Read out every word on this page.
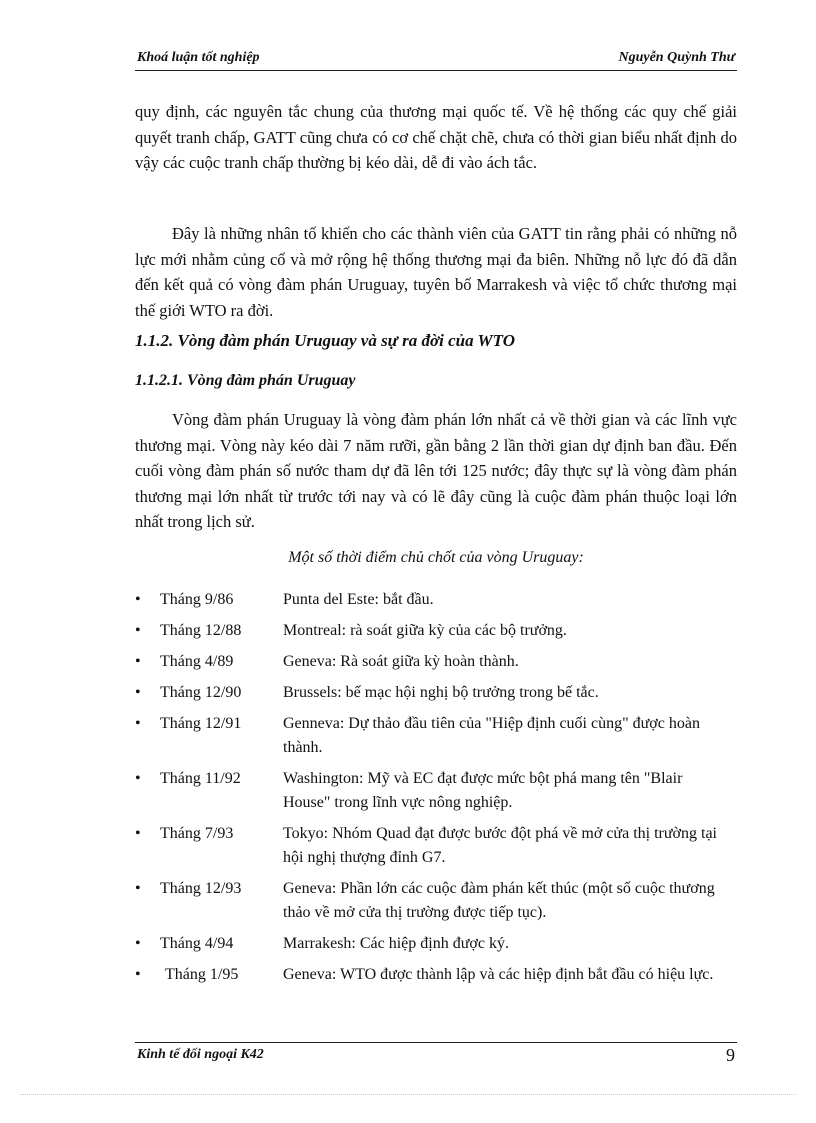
Khoá luận tốt nghiệp	Nguyễn Quỳnh Thư

quy định, các nguyên tắc chung của thương mại quốc tế. Về hệ thống các quy chế giải quyết tranh chấp, GATT cũng chưa có cơ chế chặt chẽ, chưa có thời gian biểu nhất định do vậy các cuộc tranh chấp thường bị kéo dài, dễ đi vào ách tắc.

Đây là những nhân tố khiến cho các thành viên của GATT tin rằng phải có những nỗ lực mới nhằm củng cố và mở rộng hệ thống thương mại đa biên. Những nỗ lực đó đã dẫn đến kết quả có vòng đàm phán Uruguay, tuyên bố Marrakesh và việc tổ chức thương mại thế giới WTO ra đời.

1.1.2. Vòng đàm phán Uruguay và sự ra đời của WTO
1.1.2.1. Vòng đàm phán Uruguay

Vòng đàm phán Uruguay là vòng đàm phán lớn nhất cả về thời gian và các lĩnh vực thương mại. Vòng này kéo dài 7 năm rưỡi, gần bằng 2 lần thời gian dự định ban đầu. Đến cuối vòng đàm phán số nước tham dự đã lên tới 125 nước; đây thực sự là vòng đàm phán thương mại lớn nhất từ trước tới nay và có lẽ đây cũng là cuộc đàm phán thuộc loại lớn nhất trong lịch sử.

Một số thời điểm chủ chốt của vòng Uruguay:

• Tháng 9/86	Punta del Este: bắt đầu.
• Tháng 12/88	Montreal: rà soát giữa kỳ của các bộ trưởng.
• Tháng 4/89	Geneva: Rà soát giữa kỳ hoàn thành.
• Tháng 12/90	Brussels: bế mạc hội nghị bộ trưởng trong bế tắc.
• Tháng 12/91	Genneva: Dự thảo đầu tiên của "Hiệp định cuối cùng" được hoàn thành.
• Tháng 11/92	Washington: Mỹ và EC đạt được mức bột phá mang tên "Blair House" trong lĩnh vực nông nghiệp.
• Tháng 7/93	Tokyo: Nhóm Quad đạt được bước đột phá về mở cửa thị trường tại hội nghị thượng đỉnh G7.
• Tháng 12/93	Geneva: Phần lớn các cuộc đàm phán kết thúc (một số cuộc thương thảo về mở cửa thị trường được tiếp tục).
• Tháng 4/94	Marrakesh: Các hiệp định được ký.
• Tháng 1/95	Geneva: WTO được thành lập và các hiệp định bắt đầu có hiệu lực.
Kinh tế đối ngoại K42	9
